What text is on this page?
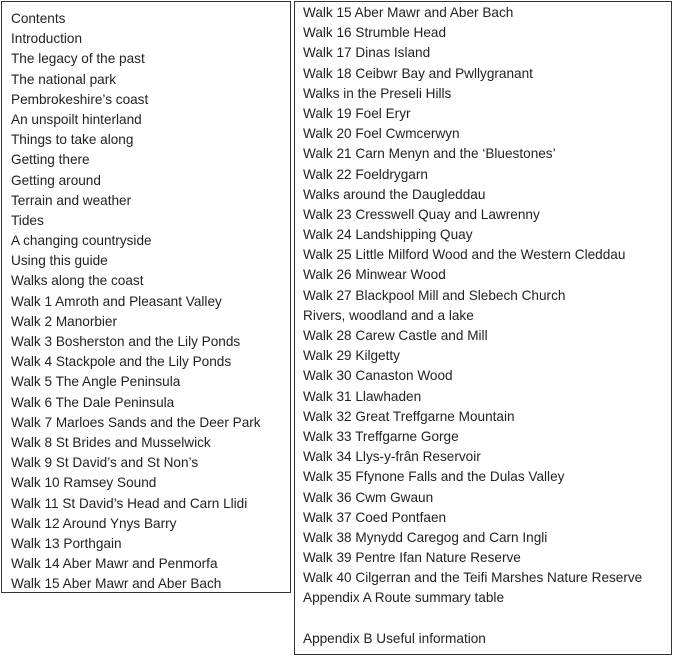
Contents
Introduction
The legacy of the past
The national park
Pembrokeshire’s coast
An unspoilt hinterland
Things to take along
Getting there
Getting around
Terrain and weather
Tides
A changing countryside
Using this guide
Walks along the coast
Walk 1 Amroth and Pleasant Valley
Walk 2 Manorbier
Walk 3 Bosherston and the Lily Ponds
Walk 4 Stackpole and the Lily Ponds
Walk 5 The Angle Peninsula
Walk 6 The Dale Peninsula
Walk 7 Marloes Sands and the Deer Park
Walk 8 St Brides and Musselwick
Walk 9 St David’s and St Non’s
Walk 10 Ramsey Sound
Walk 11 St David’s Head and Carn Llidi
Walk 12 Around Ynys Barry
Walk 13 Porthgain
Walk 14 Aber Mawr and Penmorfa
Walk 15 Aber Mawr and Aber Bach
Walk 15 Aber Mawr and Aber Bach
Walk 16 Strumble Head
Walk 17 Dinas Island
Walk 18 Ceibwr Bay and Pwllygranant
Walks in the Preseli Hills
Walk 19 Foel Eryr
Walk 20 Foel Cwmcerwyn
Walk 21 Carn Menyn and the ‘Bluestones’
Walk 22 Foeldrygarn
Walks around the Daugleddau
Walk 23 Cresswell Quay and Lawrenny
Walk 24 Landshipping Quay
Walk 25 Little Milford Wood and the Western Cleddau
Walk 26 Minwear Wood
Walk 27 Blackpool Mill and Slebech Church
Rivers, woodland and a lake
Walk 28 Carew Castle and Mill
Walk 29 Kilgetty
Walk 30 Canaston Wood
Walk 31 Llawhaden
Walk 32 Great Treffgarne Mountain
Walk 33 Treffgarne Gorge
Walk 34 Llys-y-frân Reservoir
Walk 35 Ffynone Falls and the Dulas Valley
Walk 36 Cwm Gwaun
Walk 37 Coed Pontfaen
Walk 38 Mynydd Caregog and Carn Ingli
Walk 39 Pentre Ifan Nature Reserve
Walk 40 Cilgerran and the Teifi Marshes Nature Reserve
Appendix A Route summary table
Appendix B Useful information
